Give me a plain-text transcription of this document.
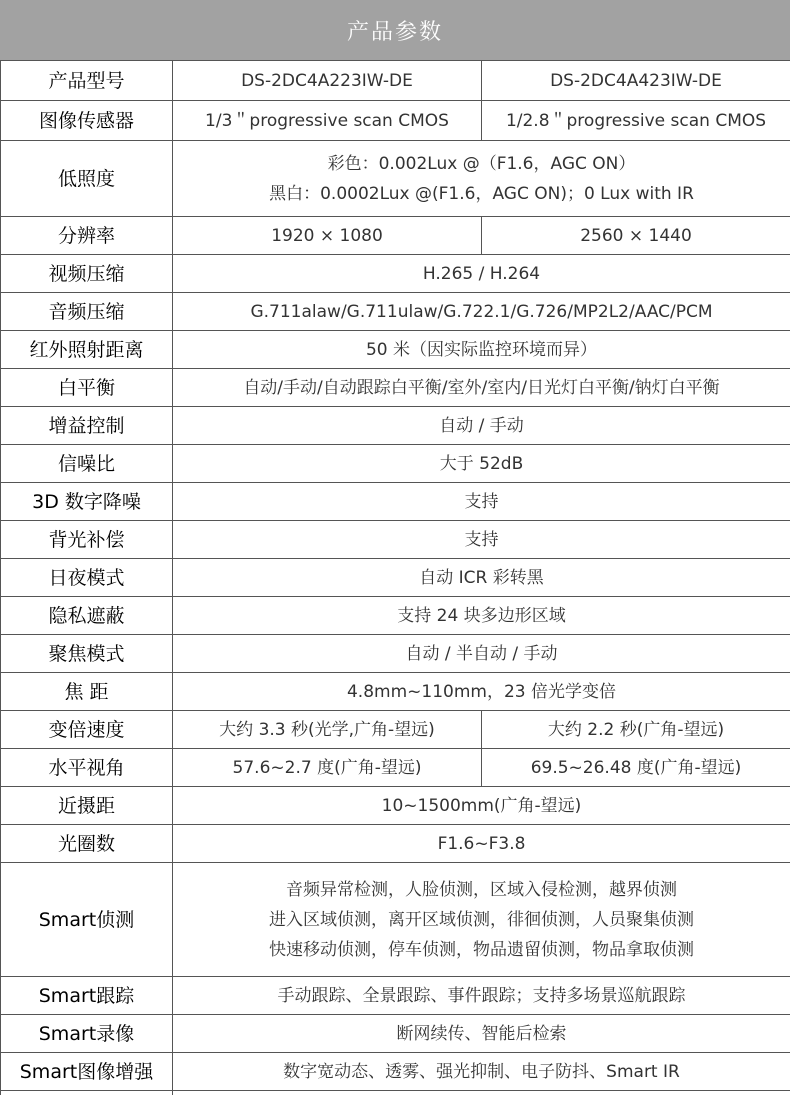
产品参数
产品型号	DS-2DC4A223IW-DE	DS-2DC4A423IW-DE
图像传感器	1/3＂progressive scan CMOS	1/2.8＂progressive scan CMOS
低照度	彩色：0.002Lux @（F1.6，AGC ON）
黑白：0.0002Lux @(F1.6，AGC ON)；0 Lux with IR	

分辨率	1920 × 1080	2560 × 1440
视频压缩	H.265 / H.264	
音频压缩	G.711alaw/G.711ulaw/G.722.1/G.726/MP2L2/AAC/PCM	
红外照射距离	50 米（因实际监控环境而异）	
白平衡	自动/手动/自动跟踪白平衡/室外/室内/日光灯白平衡/钠灯白平衡	
增益控制	自动 / 手动	
信噪比	大于 52dB	
3D 数字降噪	支持	
背光补偿	支持	
日夜模式	自动 ICR 彩转黑	
隐私遮蔽	支持 24 块多边形区域	
聚焦模式	自动 / 半自动 / 手动	
焦 距	4.8mm~110mm，23 倍光学变倍	
变倍速度	大约 3.3 秒(光学,广角-望远)	大约 2.2 秒(广角-望远)
水平视角	57.6~2.7 度(广角-望远)	69.5~26.48 度(广角-望远)
近摄距	10~1500mm(广角-望远)	
光圈数	F1.6~F3.8	
Smart侦测	音频异常检测，人脸侦测，区域入侵检测，越界侦测
进入区域侦测，离开区域侦测，徘徊侦测，人员聚集侦测
快速移动侦测，停车侦测，物品遗留侦测，物品拿取侦测	

Smart跟踪	手动跟踪、全景跟踪、事件跟踪；支持多场景巡航跟踪	
Smart录像	断网续传、智能后检索	
Smart图像增强	数字宽动态、透雾、强光抑制、电子防抖、Smart IR	
